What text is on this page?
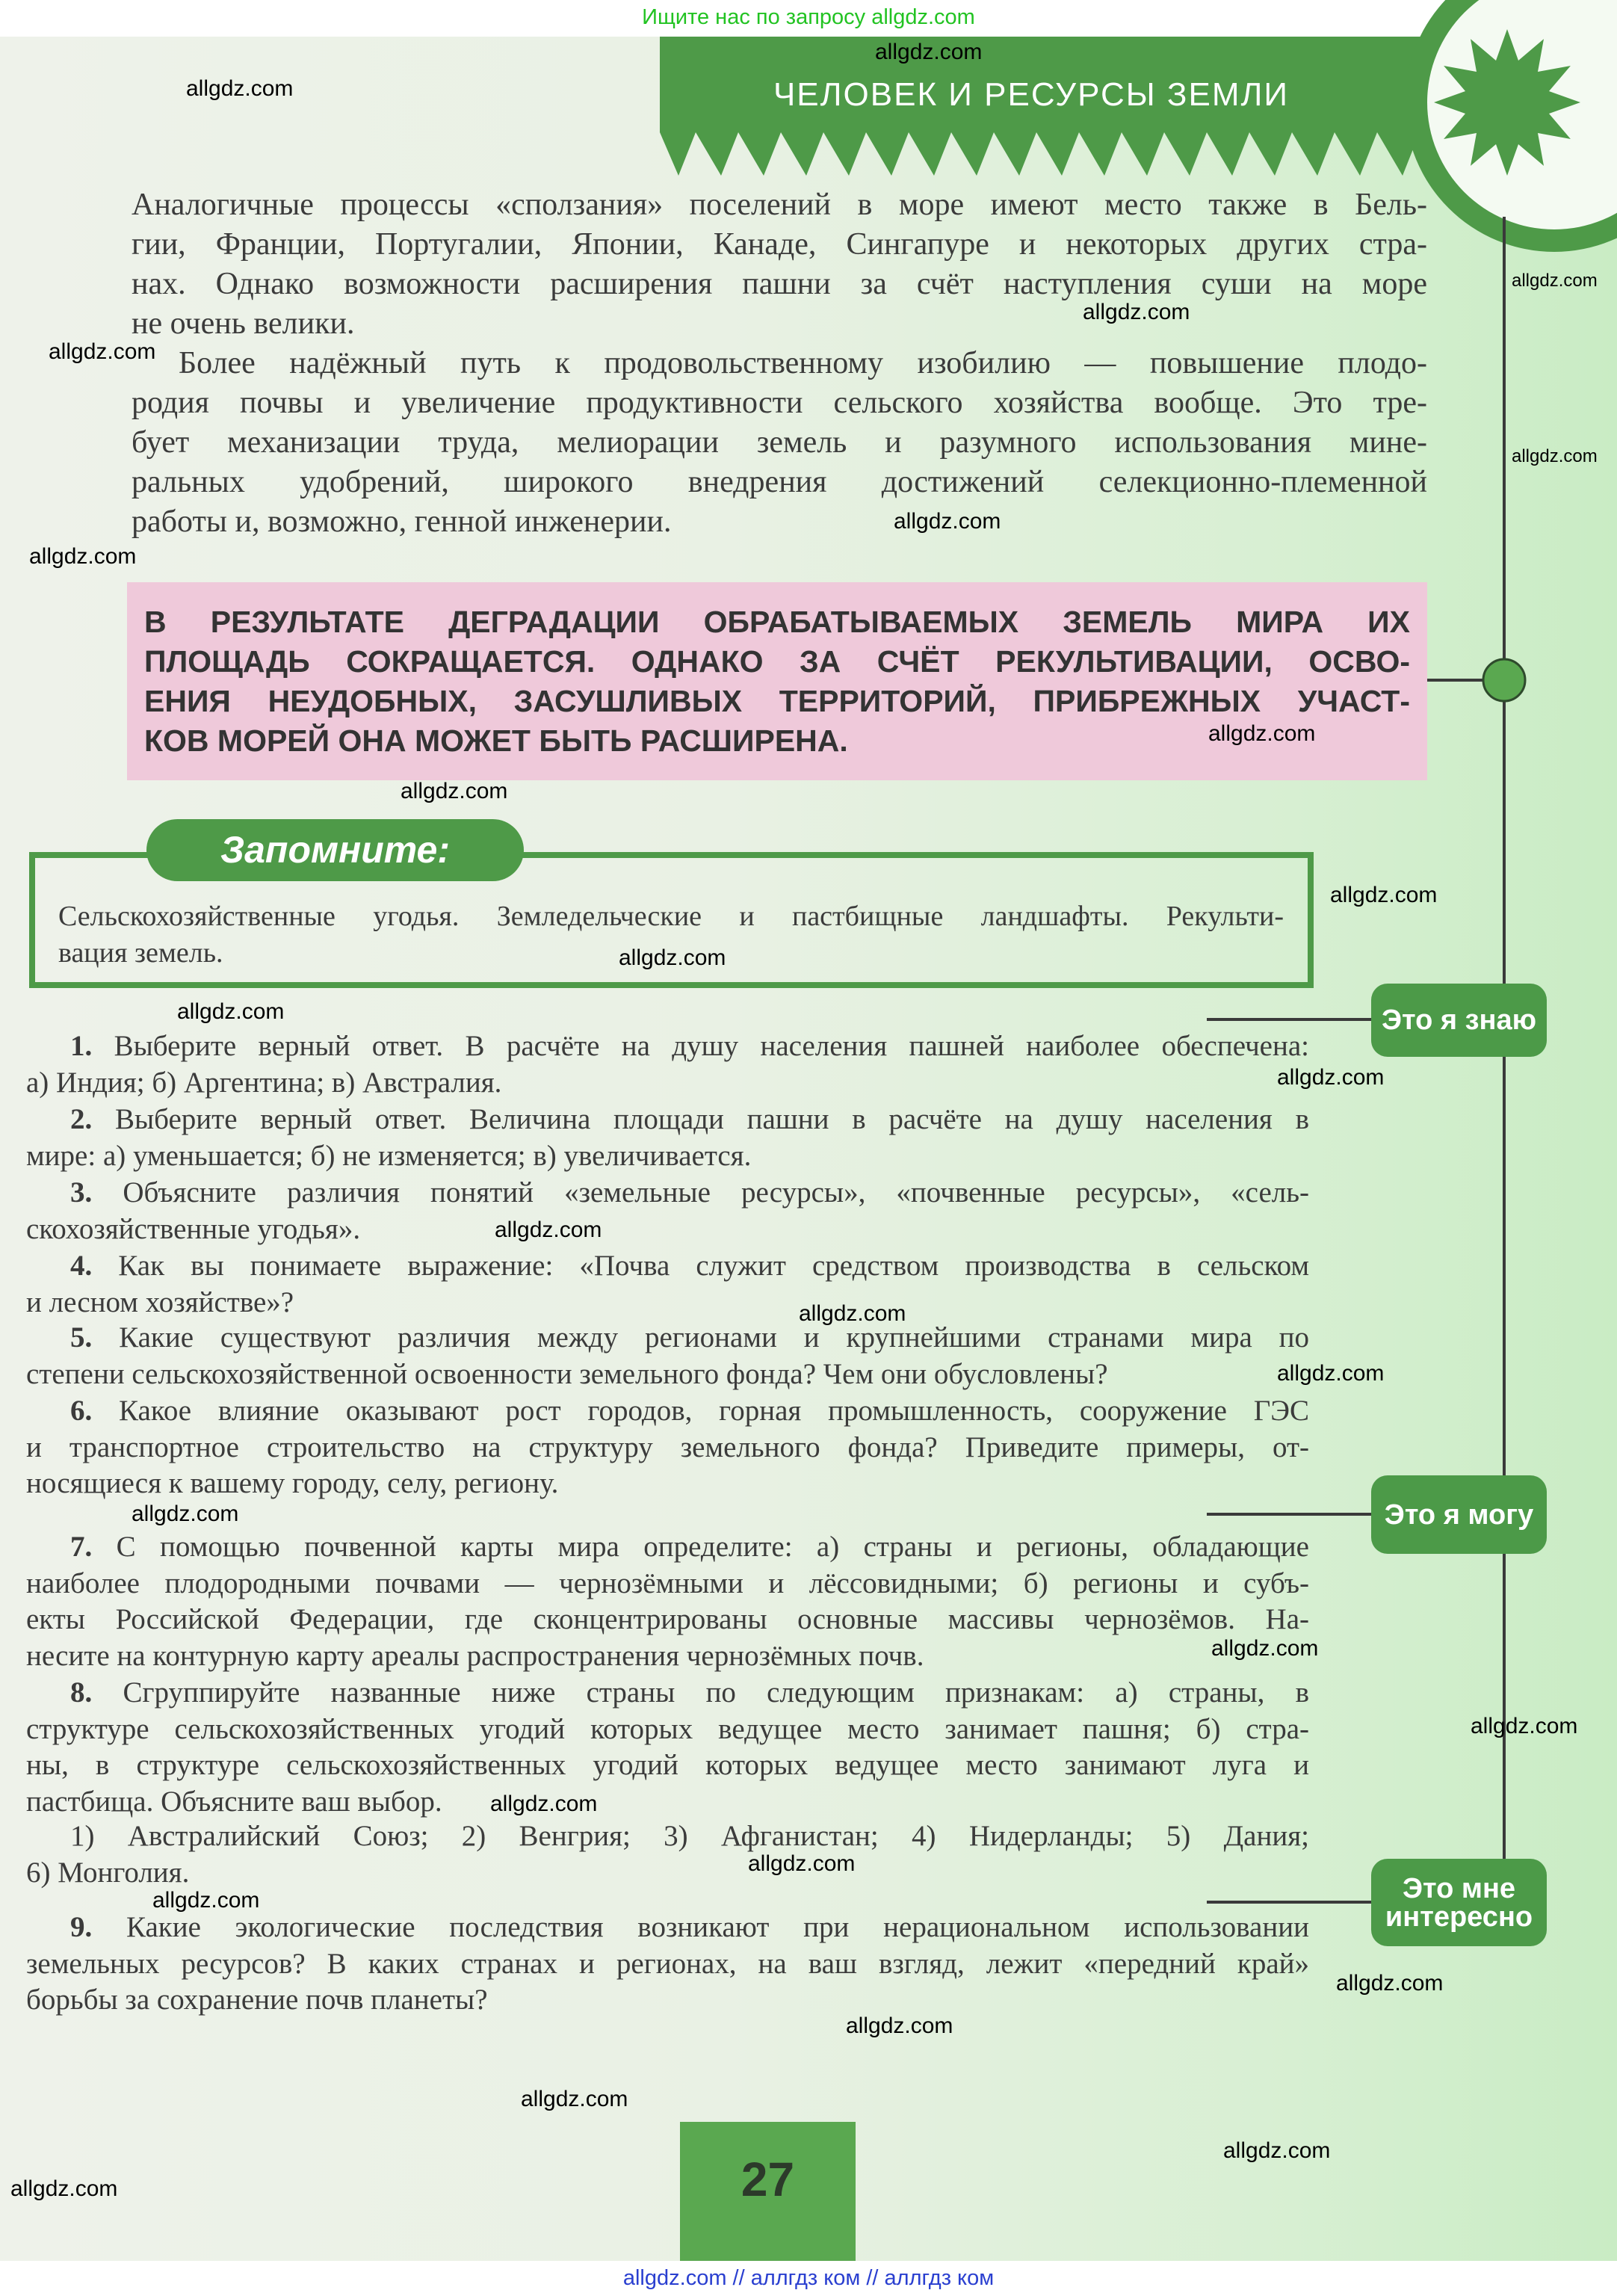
Ищите нас по запросу allgdz.com
ЧЕЛОВЕК И РЕСУРСЫ ЗЕМЛИ
Аналогичные процессы «сползания» поселений в море имеют место также в Бель-
гии, Франции, Португалии, Японии, Канаде, Сингапуре и некоторых других стра-
нах. Однако возможности расширения пашни за счёт наступления суши на море
не очень велики.
Более надёжный путь к продовольственному изобилию — повышение плодо-
родия почвы и увеличение продуктивности сельского хозяйства вообще. Это тре-
бует механизации труда, мелиорации земель и разумного использования мине-
ральных удобрений, широкого внедрения достижений селекционно-племенной
работы и, возможно, генной инженерии.
В РЕЗУЛЬТАТЕ ДЕГРАДАЦИИ ОБРАБАТЫВАЕМЫХ ЗЕМЕЛЬ МИРА ИХ
ПЛОЩАДЬ СОКРАЩАЕТСЯ. ОДНАКО ЗА СЧЁТ РЕКУЛЬТИВАЦИИ, ОСВО-
ЕНИЯ НЕУДОБНЫХ, ЗАСУШЛИВЫХ ТЕРРИТОРИЙ, ПРИБРЕЖНЫХ УЧАСТ-
КОВ МОРЕЙ ОНА МОЖЕТ БЫТЬ РАСШИРЕНА.
Запомните:
Сельскохозяйственные угодья. Земледельческие и пастбищные ландшафты. Рекульти-
вация земель.
1. Выберите верный ответ. В расчёте на душу населения пашней наиболее обеспечена:
а) Индия; б) Аргентина; в) Австралия.
2. Выберите верный ответ. Величина площади пашни в расчёте на душу населения в
мире: а) уменьшается; б) не изменяется; в) увеличивается.
3. Объясните различия понятий «земельные ресурсы», «почвенные ресурсы», «сель-
скохозяйственные угодья».
4. Как вы понимаете выражение: «Почва служит средством производства в сельском
и лесном хозяйстве»?
5. Какие существуют различия между регионами и крупнейшими странами мира по
степени сельскохозяйственной освоенности земельного фонда? Чем они обусловлены?
6. Какое влияние оказывают рост городов, горная промышленность, сооружение ГЭС
и транспортное строительство на структуру земельного фонда? Приведите примеры, от-
носящиеся к вашему городу, селу, региону.
7. С помощью почвенной карты мира определите: а) страны и регионы, обладающие
наиболее плодородными почвами — чернозёмными и лёссовидными; б) регионы и субъ-
екты Российской Федерации, где сконцентрированы основные массивы чернозёмов. На-
несите на контурную карту ареалы распространения чернозёмных почв.
8. Сгруппируйте названные ниже страны по следующим признакам: а) страны, в
структуре сельскохозяйственных угодий которых ведущее место занимает пашня; б) стра-
ны, в структуре сельскохозяйственных угодий которых ведущее место занимают луга и
пастбища. Объясните ваш выбор.
1) Австралийский Союз; 2) Венгрия; 3) Афганистан; 4) Нидерланды; 5) Дания;
6) Монголия.
9. Какие экологические последствия возникают при нерациональном использовании
земельных ресурсов? В каких странах и регионах, на ваш взгляд, лежит «передний край»
борьбы за сохранение почв планеты?
Это я знаю
Это я могу
Это мне интересно
27
allgdz.com
allgdz.com
allgdz.com
allgdz.com
allgdz.com
allgdz.com
allgdz.com
allgdz.com
allgdz.com
allgdz.com
allgdz.com
allgdz.com
allgdz.com
allgdz.com
allgdz.com
allgdz.com
allgdz.com
allgdz.com
allgdz.com
allgdz.com
allgdz.com
allgdz.com
allgdz.com
allgdz.com
allgdz.com
allgdz.com
allgdz.com
allgdz.com
allgdz.com // аллгдз ком // аллгдз ком
